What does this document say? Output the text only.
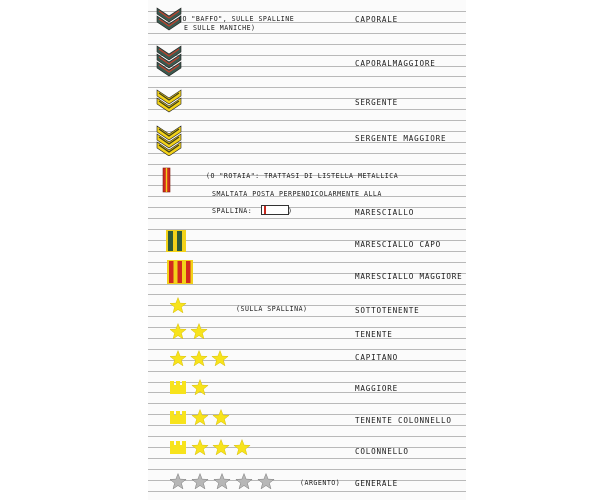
(O "BAFFO", SULLE SPALLINE
E SULLE MANICHE)
CAPORALE
CAPORALMAGGIORE
SERGENTE
SERGENTE MAGGIORE
(O "ROTAIA": TRATTASI DI LISTELLA METALLICA
SMALTATA POSTA PERPENDICOLARMENTE ALLA
SPALLINA:	)	MARESCIALLO
MARESCIALLO CAPO
MARESCIALLO MAGGIORE
(SULLA SPALLINA)	SOTTOTENENTE
TENENTE
CAPITANO
MAGGIORE
TENENTE COLONNELLO
COLONNELLO
(ARGENTO) GENERALE
